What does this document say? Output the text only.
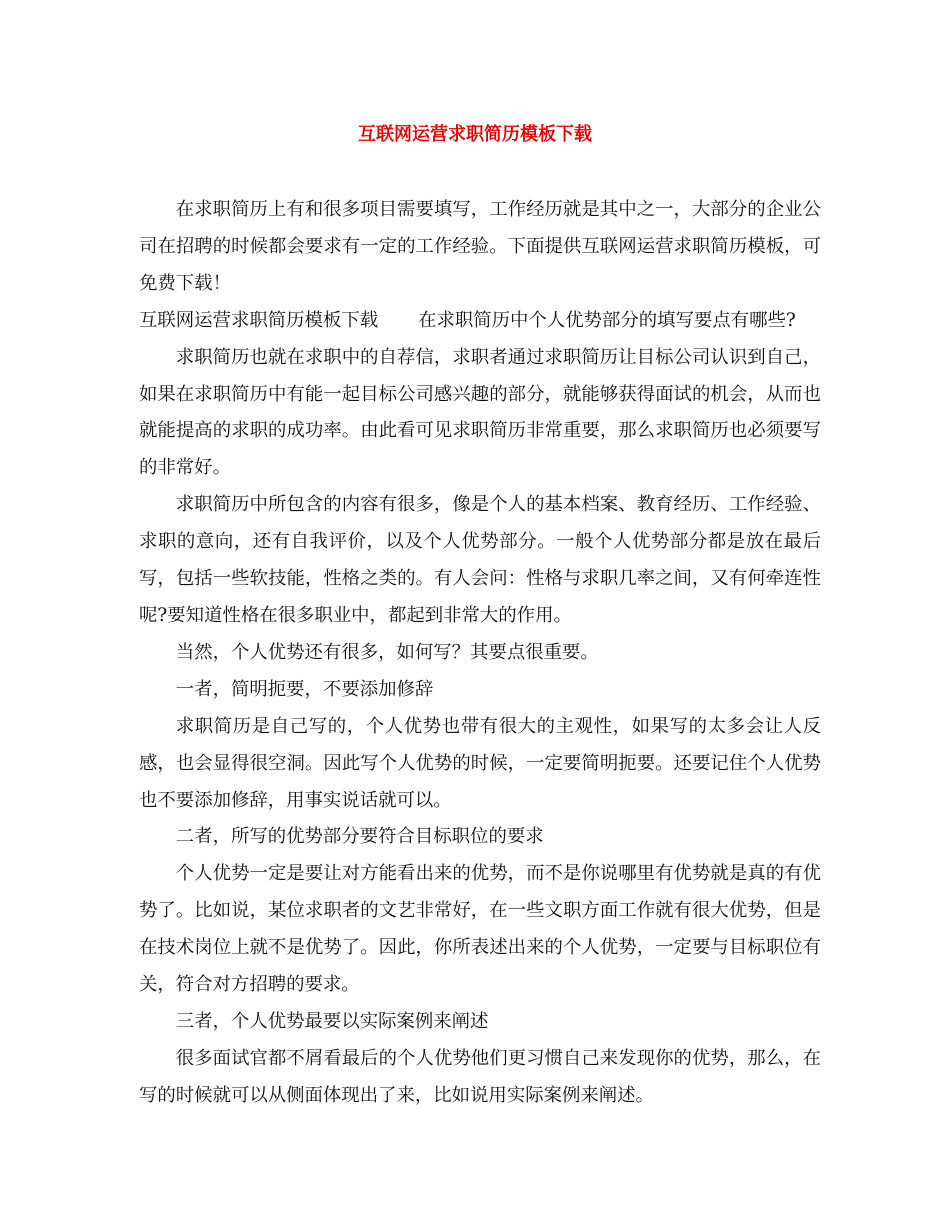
互联网运营求职简历模板下载

在求职简历上有和很多项目需要填写，工作经历就是其中之一，大部分的企业公司在招聘的时候都会要求有一定的工作经验。下面提供互联网运营求职简历模板，可免费下载！

互联网运营求职简历模板下载 在求职简历中个人优势部分的填写要点有哪些?

求职简历也就在求职中的自荐信，求职者通过求职简历让目标公司认识到自己，如果在求职简历中有能一起目标公司感兴趣的部分，就能够获得面试的机会，从而也就能提高的求职的成功率。由此看可见求职简历非常重要，那么求职简历也必须要写的非常好。

求职简历中所包含的内容有很多，像是个人的基本档案、教育经历、工作经验、求职的意向，还有自我评价，以及个人优势部分。一般个人优势部分都是放在最后写，包括一些软技能，性格之类的。有人会问：性格与求职几率之间，又有何牵连性呢?要知道性格在很多职业中，都起到非常大的作用。

当然，个人优势还有很多，如何写？其要点很重要。

一者，简明扼要，不要添加修辞

求职简历是自己写的，个人优势也带有很大的主观性，如果写的太多会让人反感，也会显得很空洞。因此写个人优势的时候，一定要简明扼要。还要记住个人优势也不要添加修辞，用事实说话就可以。

二者，所写的优势部分要符合目标职位的要求

个人优势一定是要让对方能看出来的优势，而不是你说哪里有优势就是真的有优势了。比如说，某位求职者的文艺非常好，在一些文职方面工作就有很大优势，但是在技术岗位上就不是优势了。因此，你所表述出来的个人优势，一定要与目标职位有关，符合对方招聘的要求。

三者，个人优势最要以实际案例来阐述

很多面试官都不屑看最后的个人优势他们更习惯自己来发现你的优势，那么，在写的时候就可以从侧面体现出了来，比如说用实际案例来阐述。
